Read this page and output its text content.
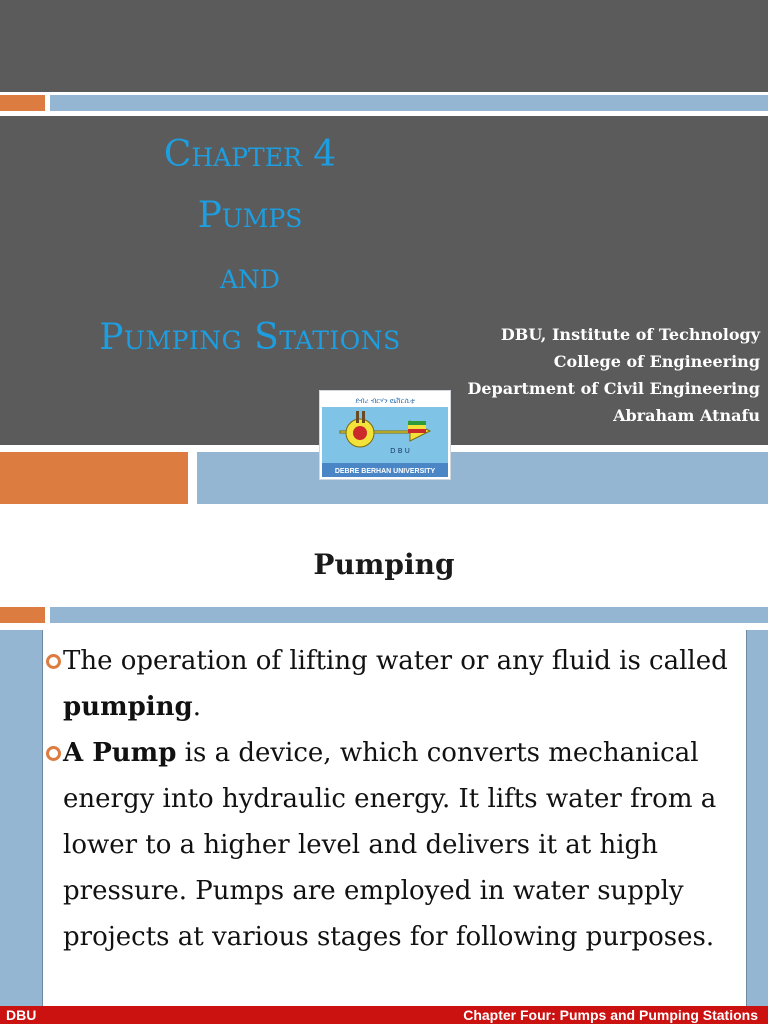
Chapter 4
Pumps
and
Pumping Stations	DBU, Institute of Technology
College of Engineering
Department of Civil Engineering
Abraham Atnafu
ደብረ ብርሃን ዩኒቨርሲቲ
D B U
DEBRE BERHAN UNIVERSITY
Pumping
The operation of lifting water or any fluid is called pumping.
A Pump is a device, which converts mechanical energy into hydraulic energy. It lifts water from a lower to a higher level and delivers it at high pressure. Pumps are employed in water supply projects at various stages for following purposes.
DBU	Chapter Four: Pumps and Pumping Stations
